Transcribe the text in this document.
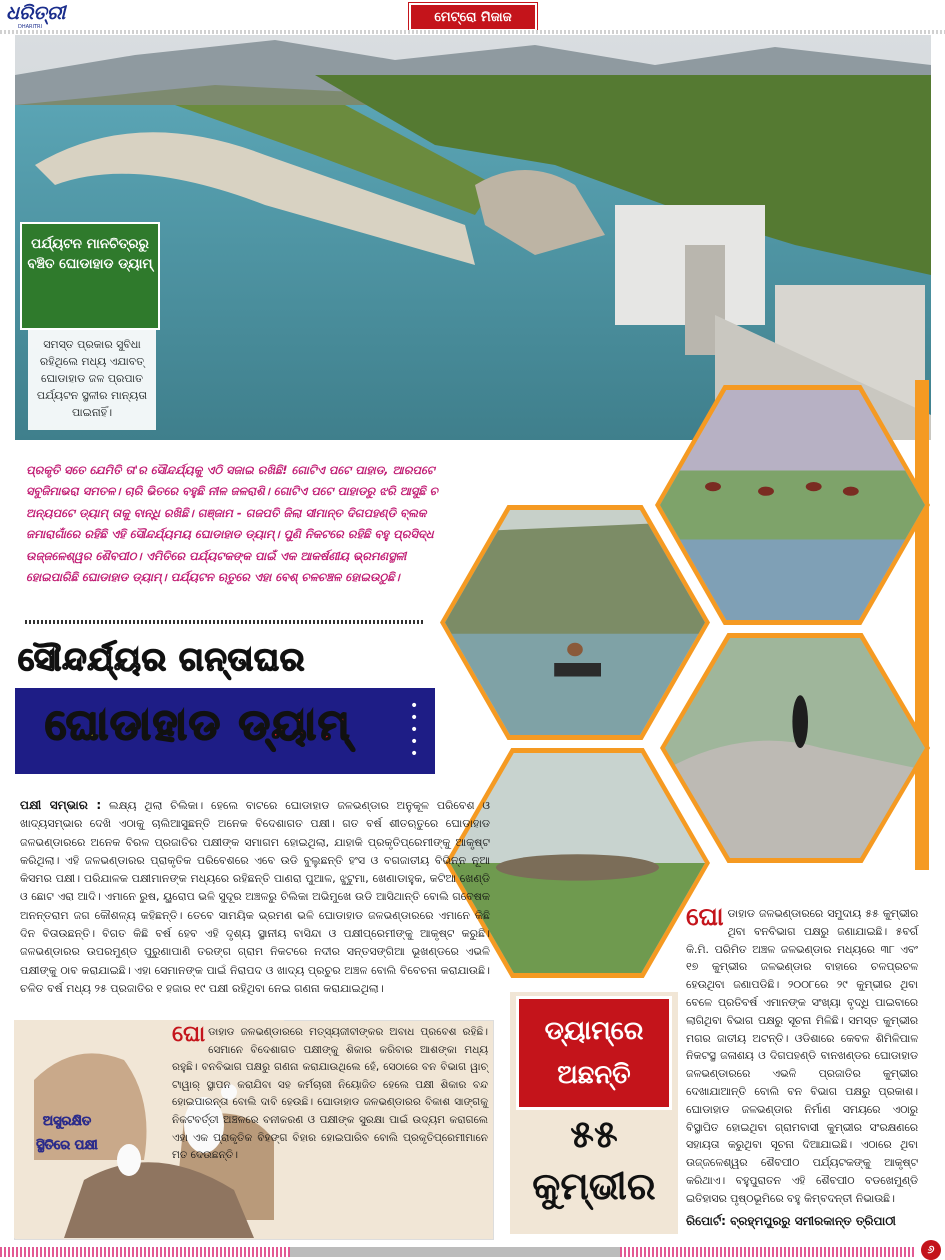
ଧରିତ୍ରୀ
DHARITRI
ମେଟ୍ରୋ ମିଜାଜ
ପର୍ଯ୍ୟଟନ ମାନଚିତ୍ରରୁ ବଞ୍ଚିତ ଘୋଡାହାଡ ଡ୍ୟାମ୍
ସମସ୍ତ ପ୍ରକାର ସୁବିଧା ରହିଥିଲେ ମଧ୍ୟ ଏଯାବତ୍ ଘୋଡାହାଡ ଜଳ ପ୍ରପାତ ପର୍ଯ୍ୟଟନ ସ୍ଥଳୀର ମାନ୍ୟତା ପାଇନାହିଁ।
ପ୍ରକୃତି ସତେ ଯେମିତି ତା'ର ସୌନ୍ଦର୍ଯ୍ୟକୁ ଏଠି ସଜାଇ ରଖିଛି! ଗୋଟିଏ ପଟେ ପାହାଡ, ଆରପଟେ ସବୁଜିମାଭରା ସମତଳ। ଚାରି ଭିତରେ ବହୁଛି ନୀଳ ଜଳରାଶି। ଗୋଟିଏ ପଟେ ପାହାଡରୁ ଝରି ଆସୁଛି ଚ ଅନ୍ୟପଟେ ଡ୍ୟାମ୍ ତାକୁ ବାନ୍ଧି ରଖିଛି। ଗଞ୍ଜାମ - ଗଜପତି ଜିଲା ସୀମାନ୍ତ ଦିଗପହଣ୍ଡି ବ୍ଲକ ଜମାରାଗାଁରେ ରହିଛି ଏହି ସୌନ୍ଦର୍ଯ୍ୟମୟ ଘୋଡାହାଡ ଡ୍ୟାମ୍। ପୁଣି ନିକଟରେ ରହିଛି ବହୁ ପ୍ରସିଦ୍ଧ ଉଜ୍ଜଳେଶ୍ୱର ଶୈବପୀଠ। ଏମିତିରେ ପର୍ଯ୍ୟଟକଙ୍କ ପାଇଁ ଏକ ଆକର୍ଷଣୀୟ ଭ୍ରମଣସ୍ଥଳୀ ହୋଇପାରିଛି ଘୋଡାହାଡ ଡ୍ୟାମ୍। ପର୍ଯ୍ୟଟନ ଋତୁରେ ଏହା ବେଶ୍ ଚଳଚଞ୍ଚଳ ହୋଇଉଠୁଛି।
ସୌନ୍ଦର୍ଯ୍ୟର ଗନ୍ତାଘର
ଘୋଡାହାଡ ଡ୍ୟାମ୍	•
•
•
•
•
ପକ୍ଷୀ ସମ୍ଭାର : ଲକ୍ଷ୍ୟ ଥିଲା ଚିଲିକା। ହେଲେ ବାଟରେ ଘୋଡାହାଡ ଜଳଭଣ୍ଡାର ଅନୁକୂଳ ପରିବେଶ ଓ ଖାଦ୍ୟସମ୍ଭାର ଦେଖି ଏଠାକୁ ଚାଲିଆସୁଛନ୍ତି ଅନେକ ବିଦେଶାଗତ ପକ୍ଷୀ। ଗତ ବର୍ଷ ଶୀତଋତୁରେ ଘୋଡାହାଡ ଜଳଭଣ୍ଡାରରେ ଅନେକ ବିରଳ ପ୍ରଜାତିର ପକ୍ଷୀଙ୍କ ସମାଗମ ହୋଇଥିଲା, ଯାହାକି ପ୍ରକୃତିପ୍ରେମୀଙ୍କୁ ଆକୃଷ୍ଟ କରିଥିଲା। ଏହି ଜଳଭଣ୍ଡାରର ପ୍ରାକୃତିକ ପରିବେଶରେ ଏବେ ଉଡି ବୁଲୁଛନ୍ତି ହଂସ ଓ ବଗଜାତୀୟ ବିଭିନ୍ନ ନୂଆ କିସମର ପକ୍ଷୀ। ପରିଯାଳକ ପକ୍ଷୀମାନଙ୍କ ମଧ୍ୟରେ ରହିଛନ୍ତି ପାଣରା ପୁଆଳ, ଝୁଟୁମା, ଖେଣାଡାହୁକ, କଟିଆ ଖେଣ୍ଡି ଓ ଛୋଟ ଏରା ଆଦି। ଏମାନେ ରୁଷ, ୟୁରୋପ ଭଳି ସୁଦୂର ଅଞ୍ଚଳରୁ ଚିଲିକା ଅଭିମୁଖେ ଉଡି ଆସିଥାନ୍ତି ବୋଲି ଗବେଷକ ଅନନ୍ତରାମ ଜଗ କୌଶଳ୍ୟ କହିଛନ୍ତି। ତେବେ ସାମୟିକ ଭ୍ରମଣ ଭଳି ଘୋଡାହାଡ ଜଳଭଣ୍ଡାରରେ ଏମାନେ କିଛି ଦିନ ବିତାଉଛନ୍ତି। ବିଗତ କିଛି ବର୍ଷ ହେବ ଏହି ଦୃଶ୍ୟ ସ୍ଥାନୀୟ ବାସିନ୍ଦା ଓ ପକ୍ଷୀପ୍ରେମୀଙ୍କୁ ଆକୃଷ୍ଟ କରୁଛି। ଜଳଭଣ୍ଡାରର ଉପରମୁଣ୍ଡ ପୁରୁଣାପାଣି ତରଙ୍ଗ ଗ୍ରାମ ନିକଟରେ ନଦୀର ସନ୍ତସଙ୍ଗିଆ ଭୂଖଣ୍ଡରେ ଏଭଳି ପକ୍ଷୀଙ୍କୁ ଠାବ କରାଯାଇଛି। ଏହା ସେମାନଙ୍କ ପାଇଁ ନିରାପଦ ଓ ଖାଦ୍ୟ ପ୍ରଚୁର ଅଞ୍ଚଳ ବୋଲି ବିବେଚନା କରାଯାଉଛି। ଚଳିତ ବର୍ଷ ମଧ୍ୟ ୨୫ ପ୍ରଜାତିର ୧ ହଜାର ୧୯ ପକ୍ଷୀ ରହିଥିବା ନେଇ ଗଣନା କରାଯାଇଥିଲା।
ଡ୍ୟାମ୍‌ରେ
ଅଛନ୍ତି
୫୫
କୁମ୍ଭୀର
ଘୋ ଡାହାଡ ଜଳଭଣ୍ଡାରରେ ସମୁଦାୟ ୫୫ କୁମ୍ଭୀର ଥିବା ବନବିଭାଗ ପକ୍ଷରୁ ଜଣାଯାଇଛି। ୫ବର୍ଗ କି.ମି. ପରିମିତ ଅଞ୍ଚଳ ଜଳଭଣ୍ଡାର ମଧ୍ୟରେ ୩୮ ଏବଂ ୧୭ କୁମ୍ଭୀର ଜଳଭଣ୍ଡାର ବାହାରେ ଚଳପ୍ରଚଳ ହେଉଥିବା ଜଣାପଡିଛି। ୨୦୦୮ରେ ୨୯ କୁମ୍ଭୀର ଥିବା ବେଳେ ପ୍ରତିବର୍ଷ ଏମାନଙ୍କ ସଂଖ୍ୟା ବୃଦ୍ଧି ପାଇବାରେ ଲାଗିଥିବା ବିଭାଗ ପକ୍ଷରୁ ସୂଚନା ମିଳିଛି। ସମସ୍ତ କୁମ୍ଭୀର ମଗର ଜାତୀୟ ଅଟନ୍ତି। ଓଡିଶାରେ କେବଳ ଶିମିଳିପାଳ ନିକଟସ୍ଥ ଜଳାଶୟ ଓ ଦିଗପହଣ୍ଡି ବାନଖଣ୍ଡର ଘୋଡାହାଡ ଜଳଭଣ୍ଡାରରେ ଏଭଳି ପ୍ରଜାତିର କୁମ୍ଭୀର ଦେଖାଯାଆନ୍ତି ବୋଲି ବନ ବିଭାଗ ପକ୍ଷରୁ ପ୍ରକାଶ। ଘୋଡାହାଡ ଜଳଭଣ୍ଡାର ନିର୍ମାଣ ସମୟରେ ଏଠାରୁ ବିସ୍ଥାପିତ ହୋଇଥିବା ଗ୍ରାମବାସୀ କୁମ୍ଭୀର ସଂରକ୍ଷଣରେ ସହାୟତା କରୁଥିବା ସୂଚନା ଦିଆଯାଇଛି। ଏଠାରେ ଥିବା ଉଜ୍ଜଳେଶ୍ୱର ଶୈବପୀଠ ପର୍ଯ୍ୟଟକଙ୍କୁ ଆକୃଷ୍ଟ କରିଥାଏ। ବହୁପୁରାତନ ଏହି ଶୈବପୀଠ ବଡଖେମୁଣ୍ଡି ଇତିହାସର ପୃଷ୍ଠଭୂମିରେ ବହୁ କିମ୍ବଦନ୍ତୀ ନିଭାଉଛି।
ରିପୋର୍ଟ: ବ୍ରହ୍ମପୁରରୁ ସମୀରକାନ୍ତ ତ୍ରିପାଠୀ
ଅସୁରକ୍ଷିତ ସ୍ଥିତିରେ ପକ୍ଷୀ
ଘୋ ଡାହାଡ ଜଳଭଣ୍ଡାରରେ ମତ୍ସ୍ୟଜୀବୀଙ୍କର ଅବାଧ ପ୍ରବେଶ ରହିଛି। ସେମାନେ ବିଦେଶାଗତ ପକ୍ଷୀଙ୍କୁ ଶିକାର କରିବାର ଆଶଙ୍କା ମଧ୍ୟ ରହୁଛି। ବନବିଭାଗ ପକ୍ଷରୁ ଗଣନା କରାଯାଉଥିଲେ ହେଁ, ସେଠାରେ ବନ ବିଭାଗ ୱାଚ୍ ଟାୱାର୍ ସ୍ଥାପନ କରାଯିବା ସହ କର୍ମଚାରୀ ନିୟୋଜିତ ହେଲେ ପକ୍ଷୀ ଶିକାର ବନ୍ଦ ହୋଇପାରନ୍ତା ବୋଲି ଦାବି ହେଉଛି। ଘୋଡାହାଡ ଜଳଭଣ୍ଡାରର ବିକାଶ ସାଙ୍ଗକୁ ନିକଟବର୍ତ୍ତୀ ଅଞ୍ଚଳରେ ବନୀକରଣ ଓ ପକ୍ଷୀଙ୍କ ସୁରକ୍ଷା ପାଇଁ ଉଦ୍ୟମ କରାଗଲେ ଏହା ଏକ ପ୍ରାକୃତିକ ବିହଙ୍ଗ ବିହାର ହୋଇପାରିବ ବୋଲି ପ୍ରକୃତିପ୍ରେମୀମାନେ ମତ ଦେଉଛନ୍ତି।
୬
